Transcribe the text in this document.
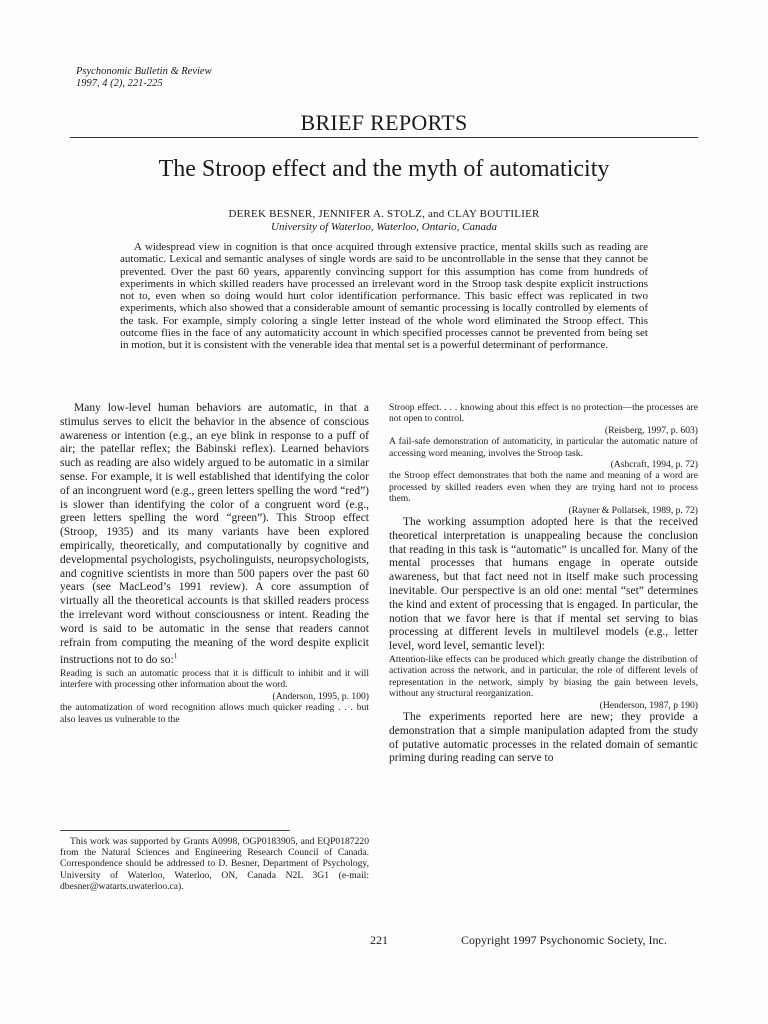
Psychonomic Bulletin & Review
1997, 4 (2), 221-225
BRIEF REPORTS
The Stroop effect and the myth of automaticity
DEREK BESNER, JENNIFER A. STOLZ, and CLAY BOUTILIER
University of Waterloo, Waterloo, Ontario, Canada

A widespread view in cognition is that once acquired through extensive practice, mental skills such as reading are automatic. Lexical and semantic analyses of single words are said to be uncontrollable in the sense that they cannot be prevented. Over the past 60 years, apparently convincing support for this assumption has come from hundreds of experiments in which skilled readers have processed an irrelevant word in the Stroop task despite explicit instructions not to, even when so doing would hurt color identification performance. This basic effect was replicated in two experiments, which also showed that a considerable amount of semantic processing is locally controlled by elements of the task. For example, simply coloring a single letter instead of the whole word eliminated the Stroop effect. This outcome flies in the face of any automaticity account in which specified processes cannot be prevented from being set in motion, but it is consistent with the venerable idea that mental set is a powerful determinant of performance.

Many low-level human behaviors are automatic, in that a stimulus serves to elicit the behavior in the absence of conscious awareness or intention (e.g., an eye blink in response to a puff of air; the patellar reflex; the Babinski reflex). Learned behaviors such as reading are also widely argued to be automatic in a similar sense. For example, it is well established that identifying the color of an incongruent word (e.g., green letters spelling the word “red”) is slower than identifying the color of a congruent word (e.g., green letters spelling the word “green”). This Stroop effect (Stroop, 1935) and its many variants have been explored empirically, theoretically, and computationally by cognitive and developmental psychologists, psycholinguists, neuropsychologists, and cognitive scientists in more than 500 papers over the past 60 years (see MacLeod’s 1991 review). A core assumption of virtually all the theoretical accounts is that skilled readers process the irrelevant word without consciousness or intent. Reading the word is said to be automatic in the sense that readers cannot refrain from computing the meaning of the word despite explicit instructions not to do so:$^1$

Reading is such an automatic process that it is difficult to inhibit and it will interfere with processing other information about the word.

(Anderson, 1995, p. 100)

the automatization of word recognition allows much quicker reading . . . but also leaves us vulnerable to the

This work was supported by Grants A0998, OGP0183905, and EQP0187220 from the Natural Sciences and Engineering Research Council of Canada. Correspondence should be addressed to D. Besner, Department of Psychology, University of Waterloo, Waterloo, ON, Canada N2L 3G1 (e-mail: dbesner@watarts.uwaterloo.ca).

Stroop effect. . . . knowing about this effect is no protection—the processes are not open to control.

(Reisberg, 1997, p. 603)

A fail-safe demonstration of automaticity, in particular the automatic nature of accessing word meaning, involves the Stroop task.

(Ashcraft, 1994, p. 72)

the Stroop effect demonstrates that both the name and meaning of a word are processed by skilled readers even when they are trying hard not to process them.

(Rayner & Pollatsek, 1989, p. 72)

The working assumption adopted here is that the received theoretical interpretation is unappealing because the conclusion that reading in this task is “automatic” is uncalled for. Many of the mental processes that humans engage in operate outside awareness, but that fact need not in itself make such processing inevitable. Our perspective is an old one: mental “set” determines the kind and extent of processing that is engaged. In particular, the notion that we favor here is that if mental set serving to bias processing at different levels in multilevel models (e.g., letter level, word level, semantic level):

Attention-like effects can be produced which greatly change the distribution of activation across the network, and in particular, the role of different levels of representation in the network, simply by biasing the gain between levels, without any structural reorganization.

(Henderson, 1987, p 190)

The experiments reported here are new; they provide a demonstration that a simple manipulation adapted from the study of putative automatic processes in the related domain of semantic priming during reading can serve to

221	Copyright 1997 Psychonomic Society, Inc.
